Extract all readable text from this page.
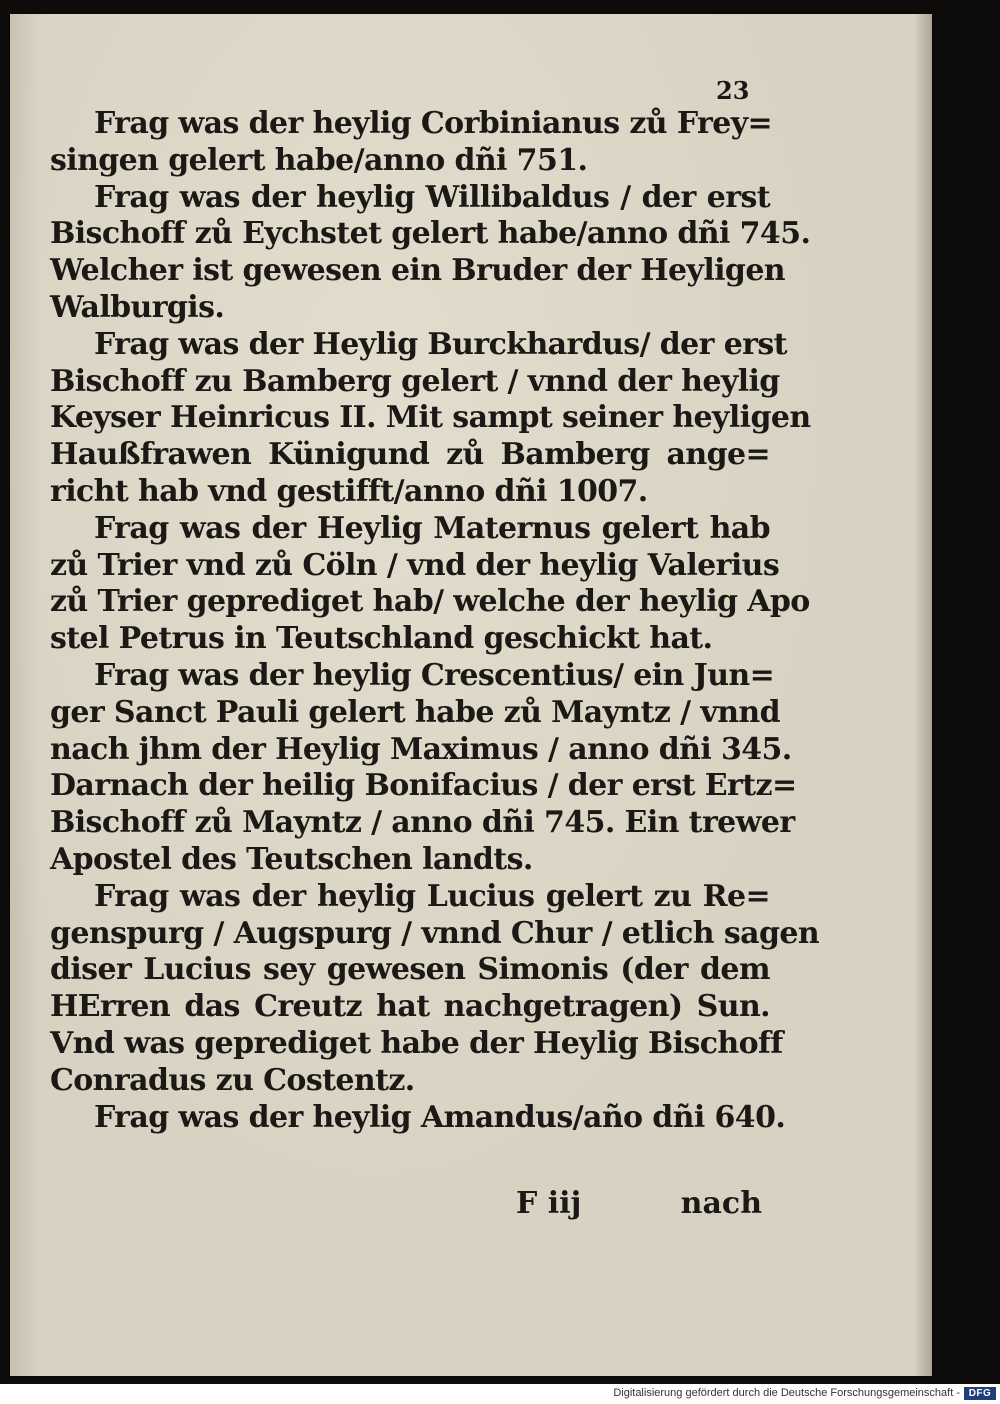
23
Frag was der heylig Corbinianus zů Frey=
singen gelert habe/anno dñi 751.
Frag was der heylig Willibaldus / der erst
Bischoff zů Eychstet gelert habe/anno dñi 745.
Welcher ist gewesen ein Bruder der Heyligen
Walburgis.
Frag was der Heylig Burckhardus/ der erst
Bischoff zu Bamberg gelert / vnnd der heylig
Keyser Heinricus II. Mit sampt seiner heyligen
Haußfrawen Künigund zů Bamberg ange=
richt hab vnd gestifft/anno dñi 1007.
Frag was der Heylig Maternus gelert hab
zů Trier vnd zů Cöln / vnd der heylig Valerius
zů Trier geprediget hab/ welche der heylig Apo
stel Petrus in Teutschland geschickt hat.
Frag was der heylig Crescentius/ ein Jun=
ger Sanct Pauli gelert habe zů Mayntz / vnnd
nach jhm der Heylig Maximus / anno dñi 345.
Darnach der heilig Bonifacius / der erst Ertz=
Bischoff zů Mayntz / anno dñi 745. Ein trewer
Apostel des Teutschen landts.
Frag was der heylig Lucius gelert zu Re=
genspurg / Augspurg / vnnd Chur / etlich sagen
diser Lucius sey gewesen Simonis (der dem
HErren das Creutz hat nachgetragen) Sun.
Vnd was geprediget habe der Heylig Bischoff
Conradus zu Costentz.
Frag was der heylig Amandus/año dñi 640.
F iij	nach
Digitalisierung gefördert durch die Deutsche Forschungsgemeinschaft - DFG
